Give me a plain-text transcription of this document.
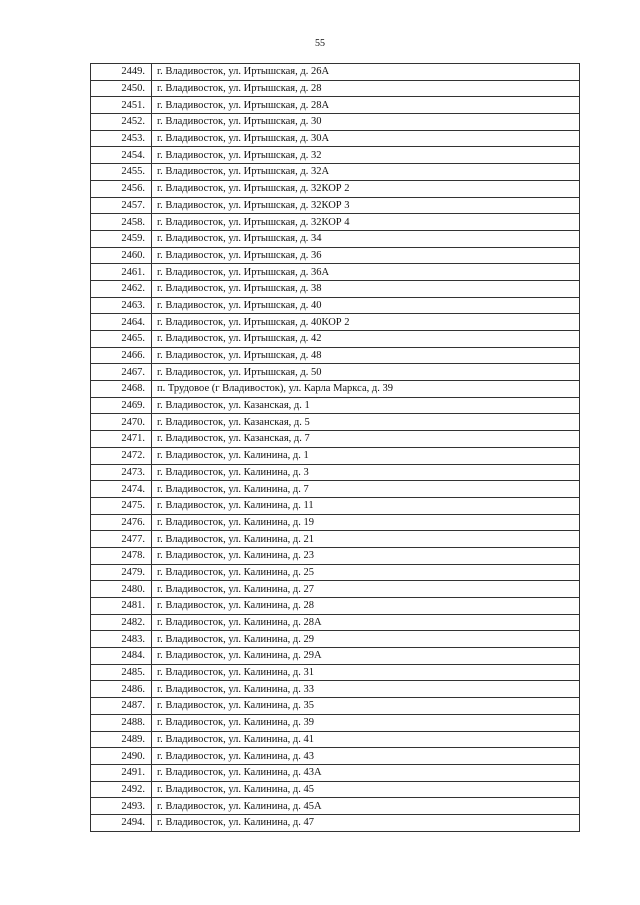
55
2449.	г. Владивосток, ул. Иртышская, д. 26А
2450.	г. Владивосток, ул. Иртышская, д. 28
2451.	г. Владивосток, ул. Иртышская, д. 28А
2452.	г. Владивосток, ул. Иртышская, д. 30
2453.	г. Владивосток, ул. Иртышская, д. 30А
2454.	г. Владивосток, ул. Иртышская, д. 32
2455.	г. Владивосток, ул. Иртышская, д. 32А
2456.	г. Владивосток, ул. Иртышская, д. 32КОР 2
2457.	г. Владивосток, ул. Иртышская, д. 32КОР 3
2458.	г. Владивосток, ул. Иртышская, д. 32КОР 4
2459.	г. Владивосток, ул. Иртышская, д. 34
2460.	г. Владивосток, ул. Иртышская, д. 36
2461.	г. Владивосток, ул. Иртышская, д. 36А
2462.	г. Владивосток, ул. Иртышская, д. 38
2463.	г. Владивосток, ул. Иртышская, д. 40
2464.	г. Владивосток, ул. Иртышская, д. 40КОР 2
2465.	г. Владивосток, ул. Иртышская, д. 42
2466.	г. Владивосток, ул. Иртышская, д. 48
2467.	г. Владивосток, ул. Иртышская, д. 50
2468.	п. Трудовое (г Владивосток), ул. Карла Маркса, д. 39
2469.	г. Владивосток, ул. Казанская, д. 1
2470.	г. Владивосток, ул. Казанская, д. 5
2471.	г. Владивосток, ул. Казанская, д. 7
2472.	г. Владивосток, ул. Калинина, д. 1
2473.	г. Владивосток, ул. Калинина, д. 3
2474.	г. Владивосток, ул. Калинина, д. 7
2475.	г. Владивосток, ул. Калинина, д. 11
2476.	г. Владивосток, ул. Калинина, д. 19
2477.	г. Владивосток, ул. Калинина, д. 21
2478.	г. Владивосток, ул. Калинина, д. 23
2479.	г. Владивосток, ул. Калинина, д. 25
2480.	г. Владивосток, ул. Калинина, д. 27
2481.	г. Владивосток, ул. Калинина, д. 28
2482.	г. Владивосток, ул. Калинина, д. 28А
2483.	г. Владивосток, ул. Калинина, д. 29
2484.	г. Владивосток, ул. Калинина, д. 29А
2485.	г. Владивосток, ул. Калинина, д. 31
2486.	г. Владивосток, ул. Калинина, д. 33
2487.	г. Владивосток, ул. Калинина, д. 35
2488.	г. Владивосток, ул. Калинина, д. 39
2489.	г. Владивосток, ул. Калинина, д. 41
2490.	г. Владивосток, ул. Калинина, д. 43
2491.	г. Владивосток, ул. Калинина, д. 43А
2492.	г. Владивосток, ул. Калинина, д. 45
2493.	г. Владивосток, ул. Калинина, д. 45А
2494.	г. Владивосток, ул. Калинина, д. 47
